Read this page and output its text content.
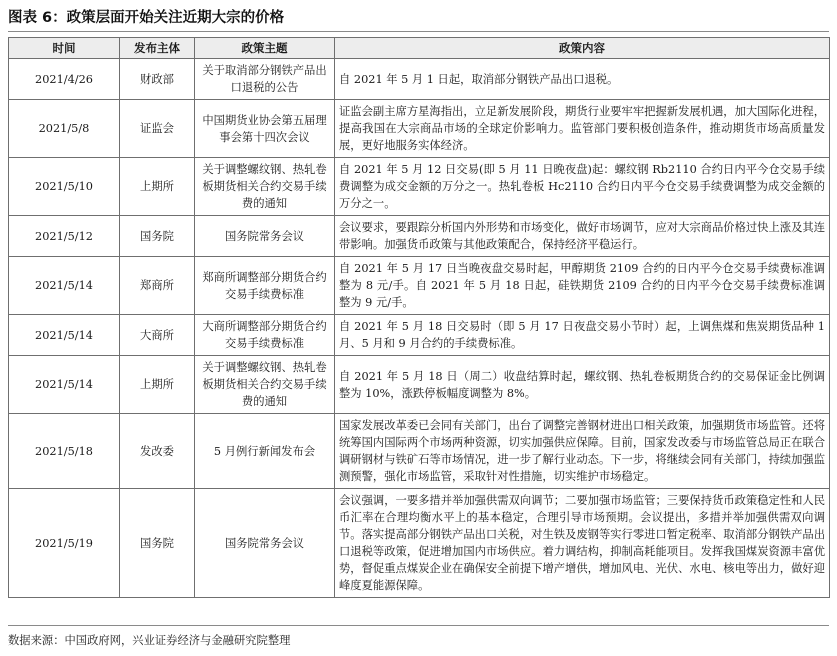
图表 6：政策层面开始关注近期大宗的价格
时间	发布主体	政策主题	政策内容
2021/4/26	财政部	关于取消部分钢铁产品出口退税的公告	自 2021 年 5 月 1 日起，取消部分钢铁产品出口退税。
2021/5/8	证监会	中国期货业协会第五届理事会第十四次会议	证监会副主席方星海指出，立足新发展阶段，期货行业要牢牢把握新发展机遇，加大国际化进程，提高我国在大宗商品市场的全球定价影响力。监管部门要积极创造条件，推动期货市场高质量发展，更好地服务实体经济。
2021/5/10	上期所	关于调整螺纹钢、热轧卷板期货相关合约交易手续费的通知	自 2021 年 5 月 12 日交易(即 5 月 11 日晚夜盘)起：螺纹钢 Rb2110 合约日内平今仓交易手续费调整为成交金额的万分之一。热轧卷板 Hc2110 合约日内平今仓交易手续费调整为成交金额的万分之一。
2021/5/12	国务院	国务院常务会议	会议要求，要跟踪分析国内外形势和市场变化，做好市场调节，应对大宗商品价格过快上涨及其连带影响。加强货币政策与其他政策配合，保持经济平稳运行。
2021/5/14	郑商所	郑商所调整部分期货合约交易手续费标准	自 2021 年 5 月 17 日当晚夜盘交易时起，甲醇期货 2109 合约的日内平今仓交易手续费标准调整为 8 元/手。自 2021 年 5 月 18 日起，硅铁期货 2109 合约的日内平今仓交易手续费标准调整为 9 元/手。
2021/5/14	大商所	大商所调整部分期货合约交易手续费标准	自 2021 年 5 月 18 日交易时（即 5 月 17 日夜盘交易小节时）起，上调焦煤和焦炭期货品种 1 月、5 月和 9 月合约的手续费标准。
2021/5/14	上期所	关于调整螺纹钢、热轧卷板期货相关合约交易手续费的通知	自 2021 年 5 月 18 日（周二）收盘结算时起，螺纹钢、热轧卷板期货合约的交易保证金比例调整为 10%，涨跌停板幅度调整为 8%。
2021/5/18	发改委	5 月例行新闻发布会	国家发展改革委已会同有关部门，出台了调整完善钢材进出口相关政策，加强期货市场监管。还将统筹国内国际两个市场两种资源，切实加强供应保障。目前，国家发改委与市场监管总局正在联合调研钢材与铁矿石等市场情况，进一步了解行业动态。下一步，将继续会同有关部门，持续加强监测预警，强化市场监管，采取针对性措施，切实维护市场稳定。
2021/5/19	国务院	国务院常务会议	会议强调，一要多措并举加强供需双向调节；二要加强市场监管；三要保持货币政策稳定性和人民币汇率在合理均衡水平上的基本稳定，合理引导市场预期。会议提出，多措并举加强供需双向调节。落实提高部分钢铁产品出口关税，对生铁及废钢等实行零进口暂定税率、取消部分钢铁产品出口退税等政策，促进增加国内市场供应。着力调结构，抑制高耗能项目。发挥我国煤炭资源丰富优势，督促重点煤炭企业在确保安全前提下增产增供，增加风电、光伏、水电、核电等出力，做好迎峰度夏能源保障。
数据来源：中国政府网，兴业证券经济与金融研究院整理
